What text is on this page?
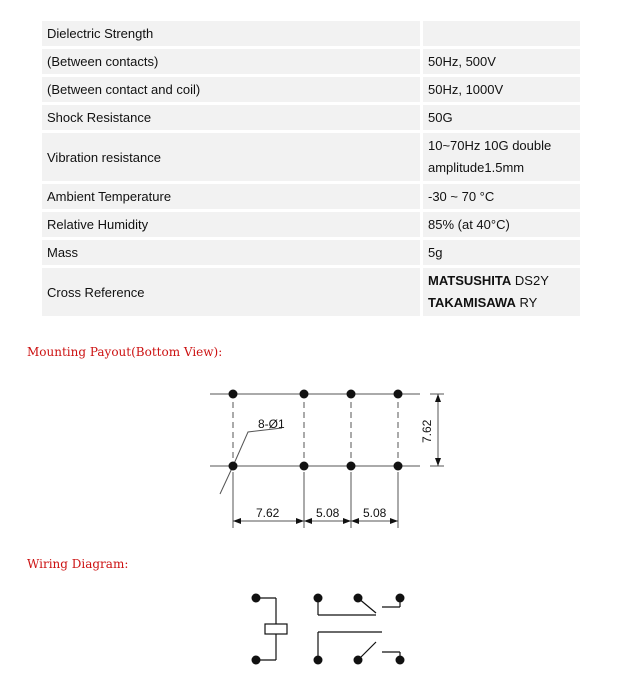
Dielectric Strength	
(Between contacts)	50Hz, 500V
(Between contact and coil)	50Hz, 1000V
Shock Resistance	50G
Vibration resistance	10~70Hz 10G double
amplitude1.5mm
Ambient Temperature	-30 ~ 70 °C
Relative Humidity	85% (at 40°C)
Mass	5g
Cross Reference	MATSUSHITA DS2Y
TAKAMISAWA RY
Mounting Payout(Bottom View):
8-Ø1	7.62
7.62	5.08 5.08
Wiring Diagram:
